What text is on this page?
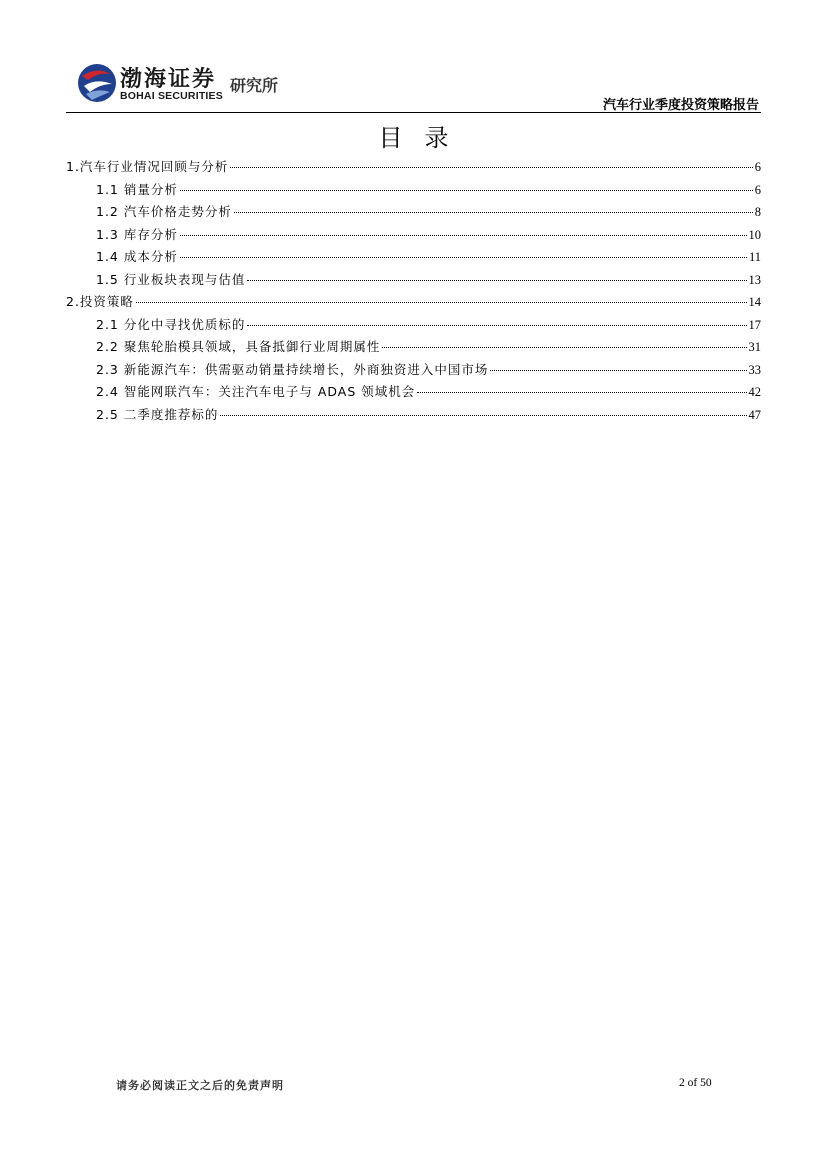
渤海证券
BOHAI SECURITIES
研究所
汽车行业季度投资策略报告
目录
1.汽车行业情况回顾与分析	6
1.1 销量分析	6
1.2 汽车价格走势分析	8
1.3 库存分析	10
1.4 成本分析	11
1.5 行业板块表现与估值	13
2.投资策略	14
2.1 分化中寻找优质标的	17
2.2 聚焦轮胎模具领域，具备抵御行业周期属性	31
2.3 新能源汽车：供需驱动销量持续增长，外商独资进入中国市场	33
2.4 智能网联汽车：关注汽车电子与 ADAS 领域机会	42
2.5 二季度推荐标的	47
请务必阅读正文之后的免责声明	2 of 50
